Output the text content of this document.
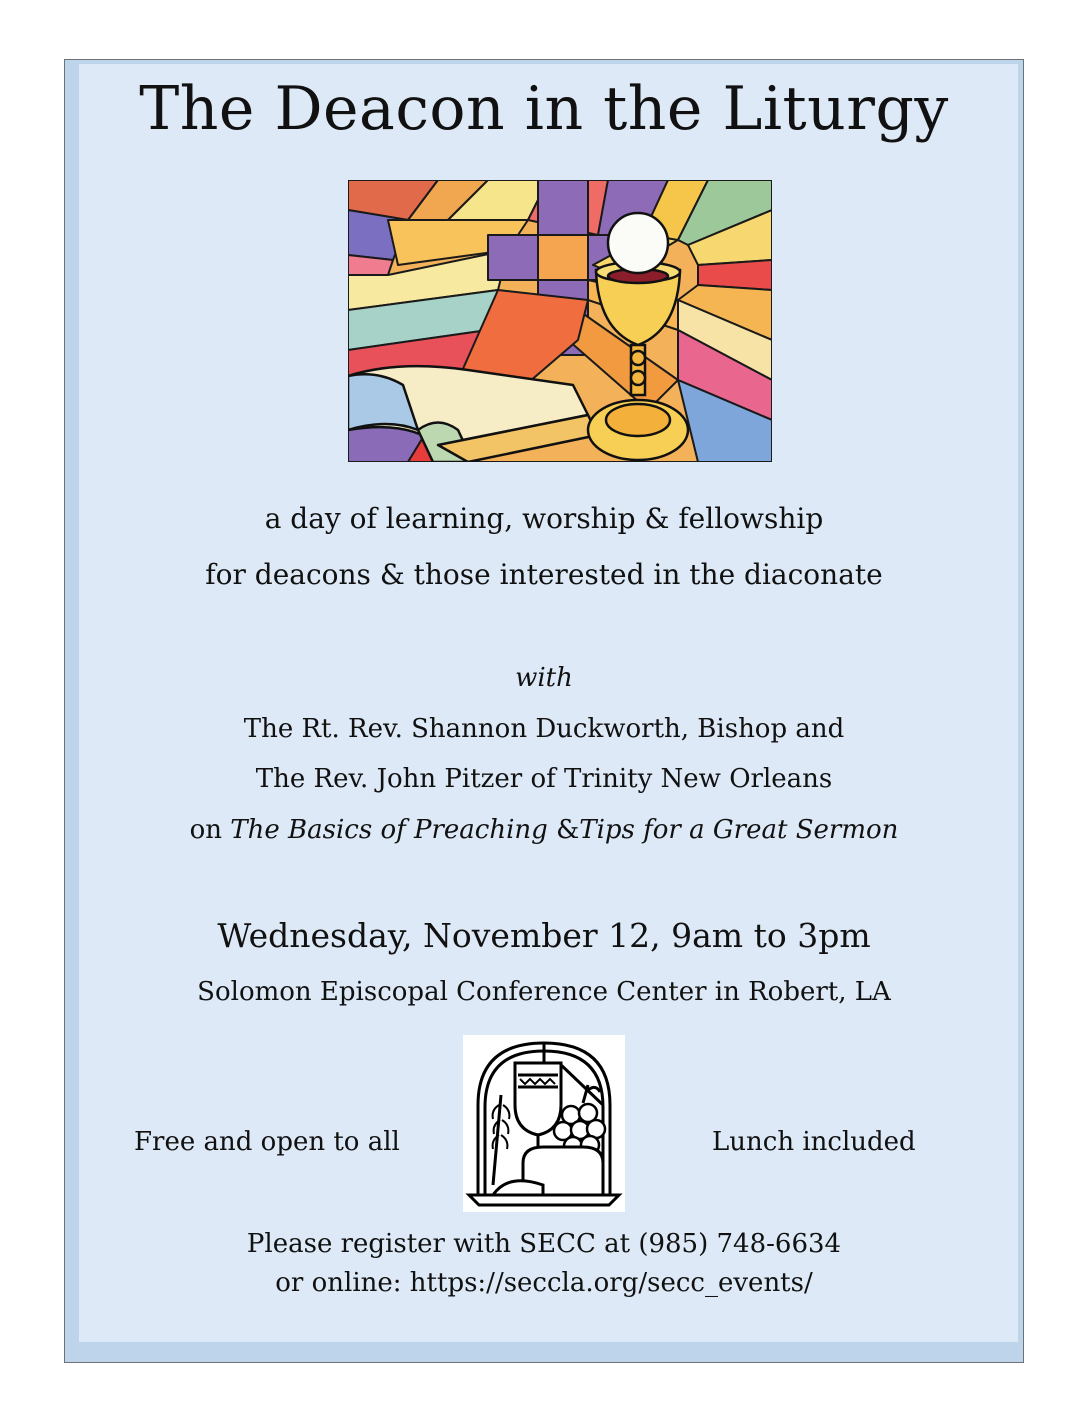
The Deacon in the Liturgy
a day of learning, worship & fellowship
for deacons & those interested in the diaconate
with
The Rt. Rev. Shannon Duckworth, Bishop and
The Rev. John Pitzer of Trinity New Orleans
on The Basics of Preaching &Tips for a Great Sermon
Wednesday, November 12, 9am to 3pm
Solomon Episcopal Conference Center in Robert, LA
Free and open to all	Lunch included
Please register with SECC at (985) 748-6634
or online: https://secclа.org/secc_events/
